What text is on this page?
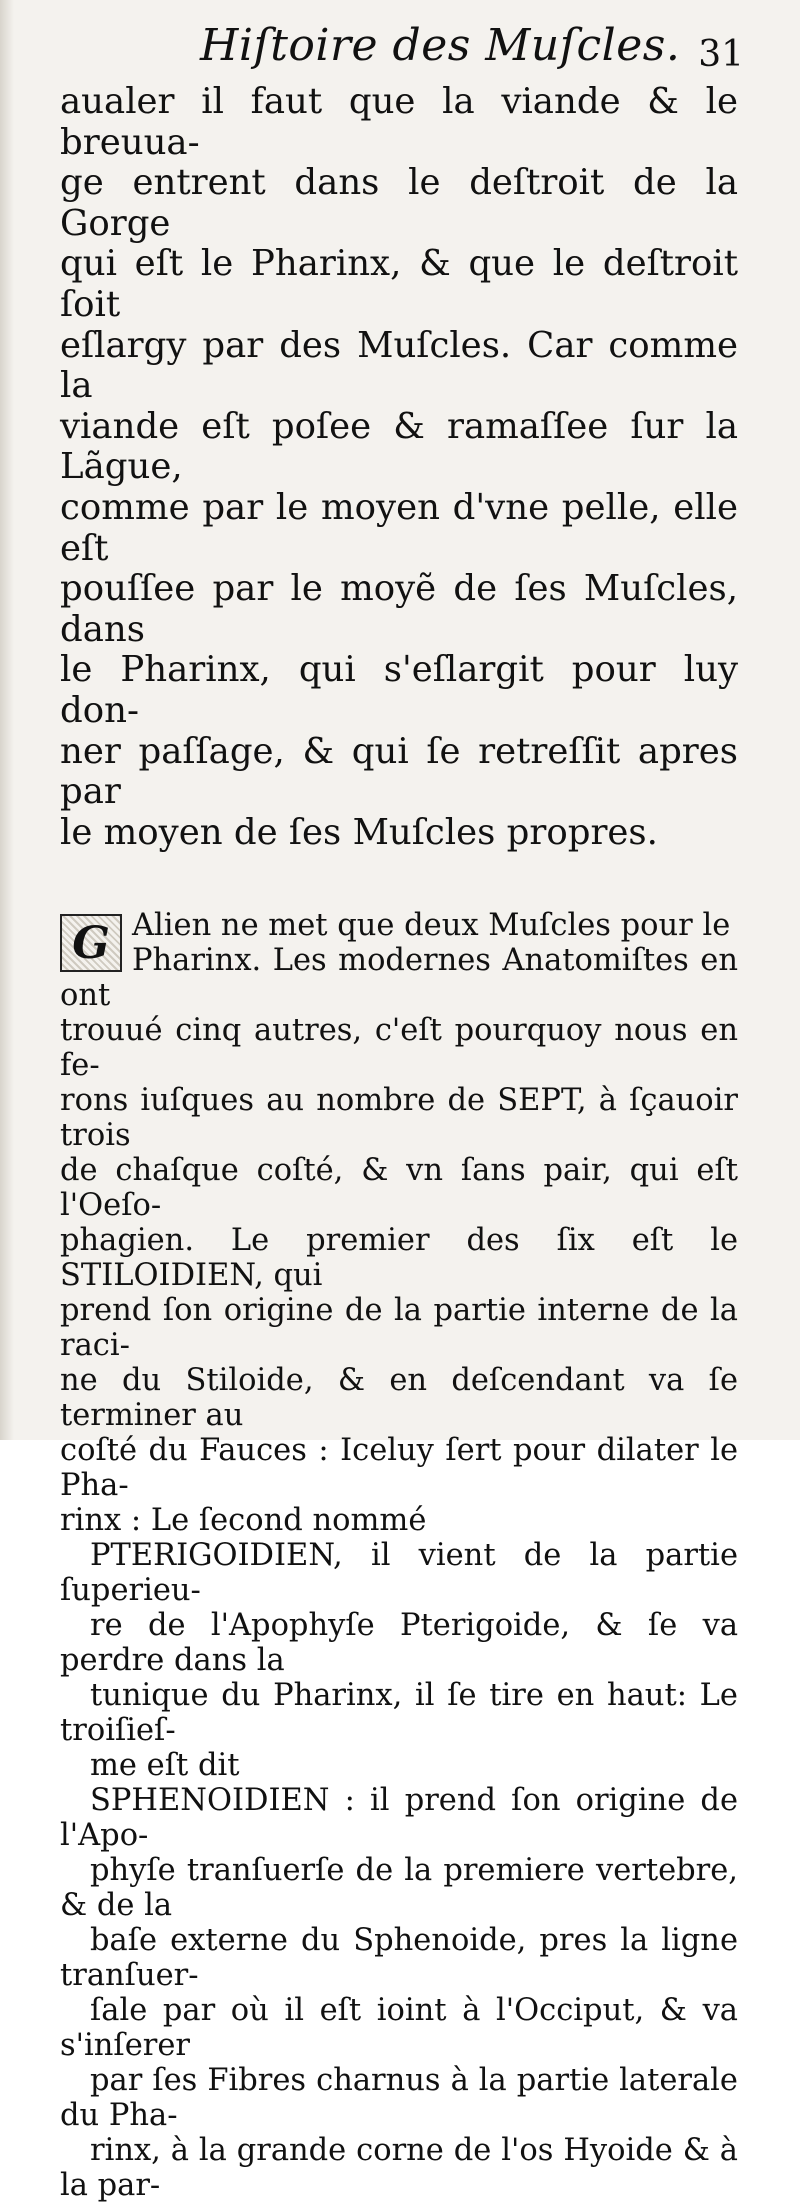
Hiſtoire des Muſcles. 31
aualer il faut que la viande & le breuua-
ge entrent dans le deſtroit de la Gorge
qui eſt le Pharinx, & que le deſtroit ſoit
eſlargy par des Muſcles. Car comme la
viande eſt poſee & ramaſſee ſur la Lãgue,
comme par le moyen d'vne pelle, elle eſt
pouſſee par le moyẽ de ſes Muſcles, dans
le Pharinx, qui s'eſlargit pour luy don-
ner paſſage, & qui ſe retreſſit apres par
le moyen de ſes Muſcles propres.
G Alien ne met que deux Muſcles pour le
Pharinx. Les modernes Anatomiſtes en ont
trouué cinq autres, c'eſt pourquoy nous en fe-
rons iuſques au nombre de SEPT, à ſçauoir trois
de chaſque coſté, & vn ſans pair, qui eſt l'Oeſo-
phagien. Le premier des ſix eſt le STILOIDIEN, qui
prend ſon origine de la partie interne de la raci-
ne du Stiloide, & en deſcendant va ſe terminer au
coſté du Fauces : Iceluy ſert pour dilater le Pha-
rinx : Le ſecond nommé
PTERIGOIDIEN, il vient de la partie ſuperieu-
re de l'Apophyſe Pterigoide, & ſe va perdre dans la
tunique du Pharinx, il ſe tire en haut: Le troiſieſ-
me eſt dit
SPHENOIDIEN : il prend ſon origine de l'Apo-
phyſe tranſuerſe de la premiere vertebre, & de la
baſe externe du Sphenoide, pres la ligne tranſuer-
ſale par où il eſt ioint à l'Occiput, & va s'inſerer
par ſes Fibres charnus à la partie laterale du Pha-
rinx, à la grande corne de l'os Hyoide & à la par-
